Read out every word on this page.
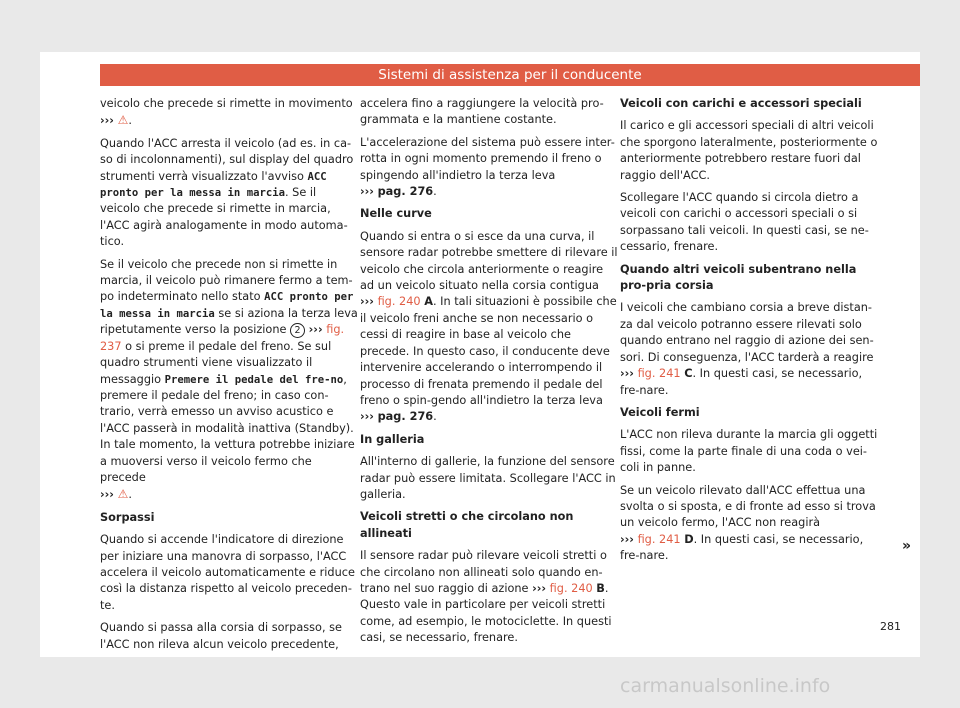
Sistemi di assistenza per il conducente

veicolo che precede si rimette in movimento
››› ⚠.

Quando l'ACC arresta il veicolo (ad es. in ca-so di incolonnamenti), sul display del quadro strumenti verrà visualizzato l'avviso ACC pronto per la messa in marcia. Se il veicolo che precede si rimette in marcia, l'ACC agirà analogamente in modo automa-tico.

Se il veicolo che precede non si rimette in marcia, il veicolo può rimanere fermo a tem-po indeterminato nello stato ACC pronto per la messa in marcia se si aziona la terza leva ripetutamente verso la posizione 2 ››› fig. 237 o si preme il pedale del freno. Se sul quadro strumenti viene visualizzato il messaggio Premere il pedale del fre-no, premere il pedale del freno; in caso con-trario, verrà emesso un avviso acustico e l'ACC passerà in modalità inattiva (Standby). In tale momento, la vettura potrebbe iniziare a muoversi verso il veicolo fermo che precede
››› ⚠.

Sorpassi

Quando si accende l'indicatore di direzione per iniziare una manovra di sorpasso, l'ACC accelera il veicolo automaticamente e riduce così la distanza rispetto al veicolo preceden-te.

Quando si passa alla corsia di sorpasso, se l'ACC non rileva alcun veicolo precedente,

accelera fino a raggiungere la velocità pro-grammata e la mantiene costante.

L'accelerazione del sistema può essere inter-rotta in ogni momento premendo il freno o spingendo all'indietro la terza leva
››› pag. 276.

Nelle curve

Quando si entra o si esce da una curva, il sensore radar potrebbe smettere di rilevare il veicolo che circola anteriormente o reagire ad un veicolo situato nella corsia contigua
››› fig. 240 A. In tali situazioni è possibile che il veicolo freni anche se non necessario o cessi di reagire in base al veicolo che precede. In questo caso, il conducente deve intervenire accelerando o interrompendo il processo di frenata premendo il pedale del freno o spin-gendo all'indietro la terza leva ››› pag. 276.

In galleria

All'interno di gallerie, la funzione del sensore radar può essere limitata. Scollegare l'ACC in galleria.

Veicoli stretti o che circolano non allineati

Il sensore radar può rilevare veicoli stretti o che circolano non allineati solo quando en-trano nel suo raggio di azione ››› fig. 240 B. Questo vale in particolare per veicoli stretti come, ad esempio, le motociclette. In questi casi, se necessario, frenare.

Veicoli con carichi e accessori speciali

Il carico e gli accessori speciali di altri veicoli che sporgono lateralmente, posteriormente o anteriormente potrebbero restare fuori dal raggio dell'ACC.

Scollegare l'ACC quando si circola dietro a veicoli con carichi o accessori speciali o si sorpassano tali veicoli. In questi casi, se ne-cessario, frenare.

Quando altri veicoli subentrano nella pro-pria corsia

I veicoli che cambiano corsia a breve distan-za dal veicolo potranno essere rilevati solo quando entrano nel raggio di azione dei sen-sori. Di conseguenza, l'ACC tarderà a reagire
››› fig. 241 C. In questi casi, se necessario, fre-nare.

Veicoli fermi

L'ACC non rileva durante la marcia gli oggetti fissi, come la parte finale di una coda o vei-coli in panne.

Se un veicolo rilevato dall'ACC effettua una svolta o si sposta, e di fronte ad esso si trova un veicolo fermo, l'ACC non reagirà
››› fig. 241 D. In questi casi, se necessario, fre-nare.

»
281
carmanualsonline.info
